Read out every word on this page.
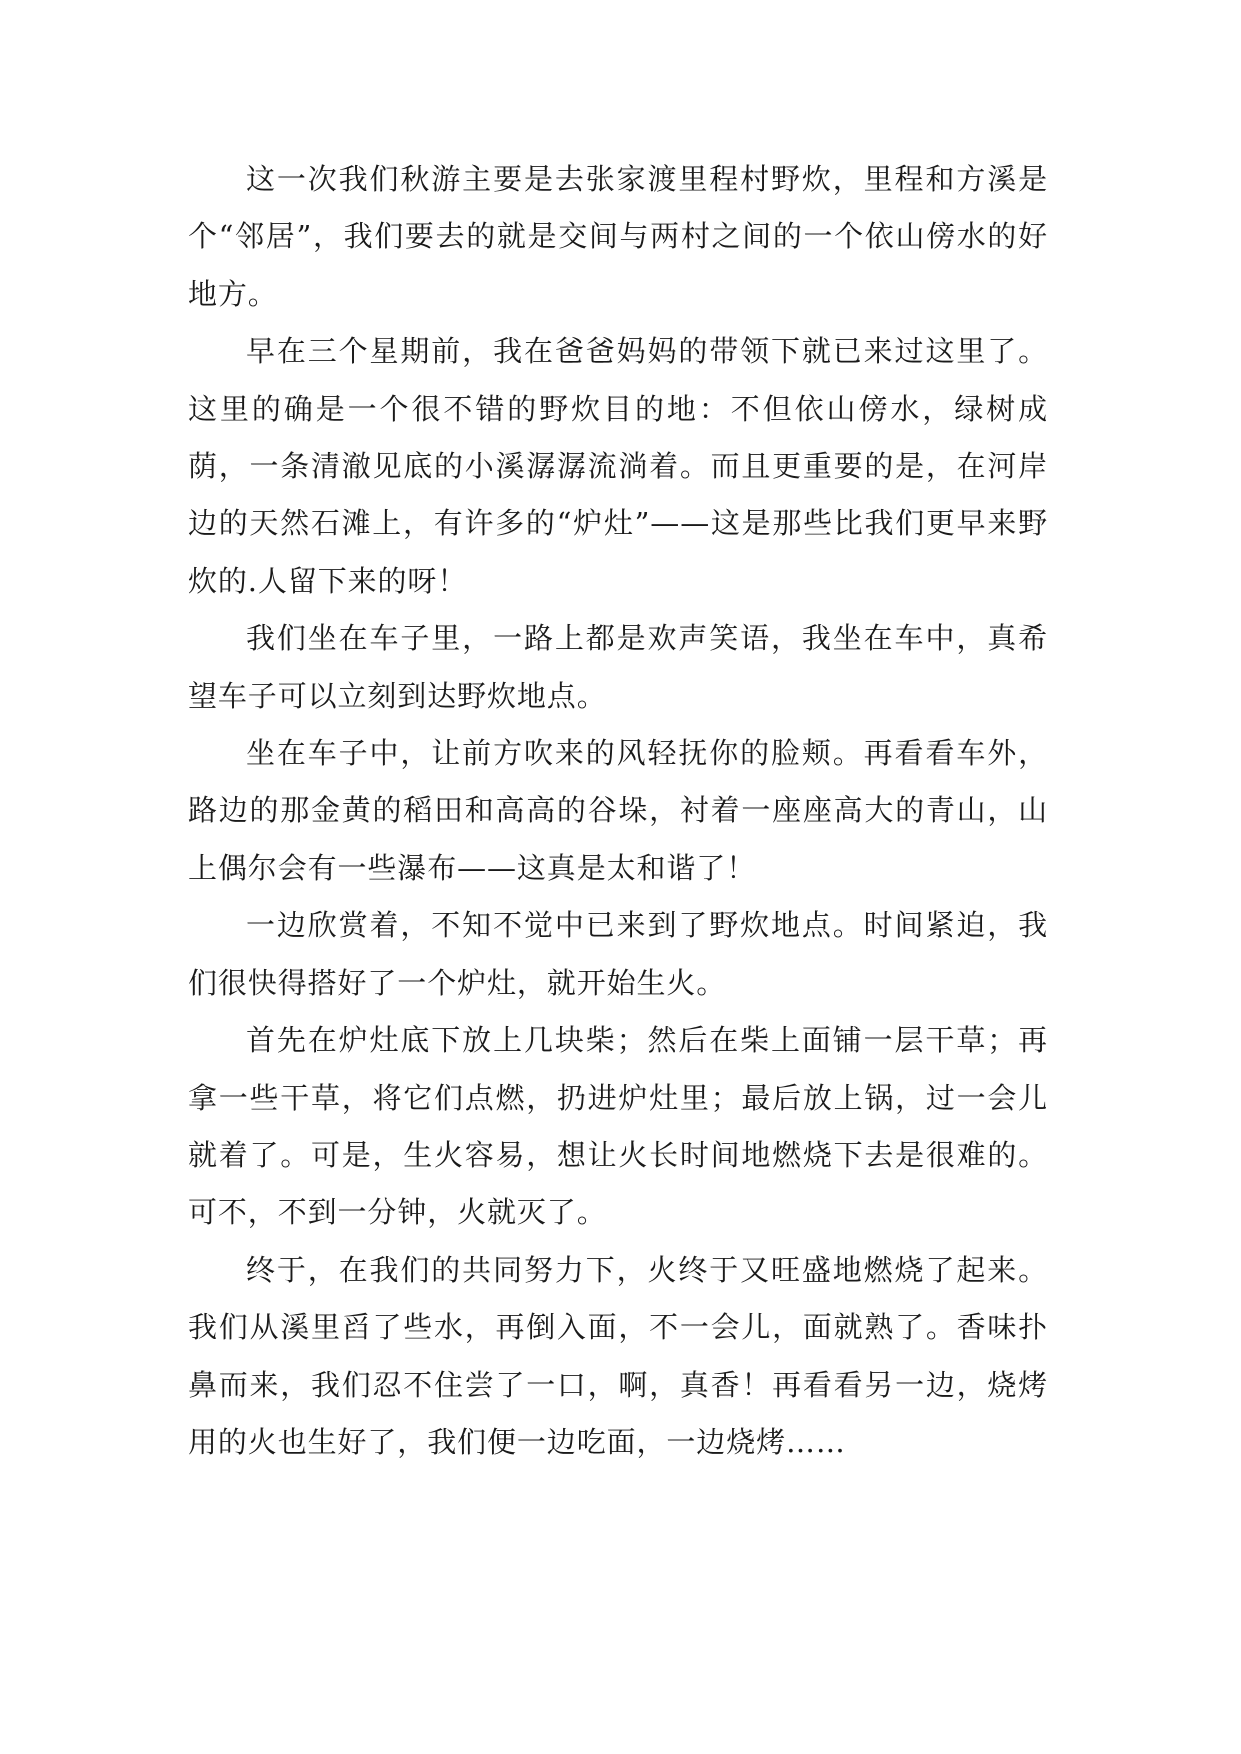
这一次我们秋游主要是去张家渡里程村野炊，里程和方溪是个“邻居”，我们要去的就是交间与两村之间的一个依山傍水的好地方。

早在三个星期前，我在爸爸妈妈的带领下就已来过这里了。这里的确是一个很不错的野炊目的地：不但依山傍水，绿树成荫，一条清澈见底的小溪潺潺流淌着。而且更重要的是，在河岸边的天然石滩上，有许多的“炉灶”——这是那些比我们更早来野炊的.人留下来的呀！

我们坐在车子里，一路上都是欢声笑语，我坐在车中，真希望车子可以立刻到达野炊地点。

坐在车子中，让前方吹来的风轻抚你的脸颊。再看看车外，路边的那金黄的稻田和高高的谷垛，衬着一座座高大的青山，山上偶尔会有一些瀑布——这真是太和谐了！

一边欣赏着，不知不觉中已来到了野炊地点。时间紧迫，我们很快得搭好了一个炉灶，就开始生火。

首先在炉灶底下放上几块柴；然后在柴上面铺一层干草；再拿一些干草，将它们点燃，扔进炉灶里；最后放上锅，过一会儿就着了。可是，生火容易，想让火长时间地燃烧下去是很难的。可不，不到一分钟，火就灭了。

终于，在我们的共同努力下，火终于又旺盛地燃烧了起来。我们从溪里舀了些水，再倒入面，不一会儿，面就熟了。香味扑鼻而来，我们忍不住尝了一口，啊，真香！再看看另一边，烧烤用的火也生好了，我们便一边吃面，一边烧烤……
